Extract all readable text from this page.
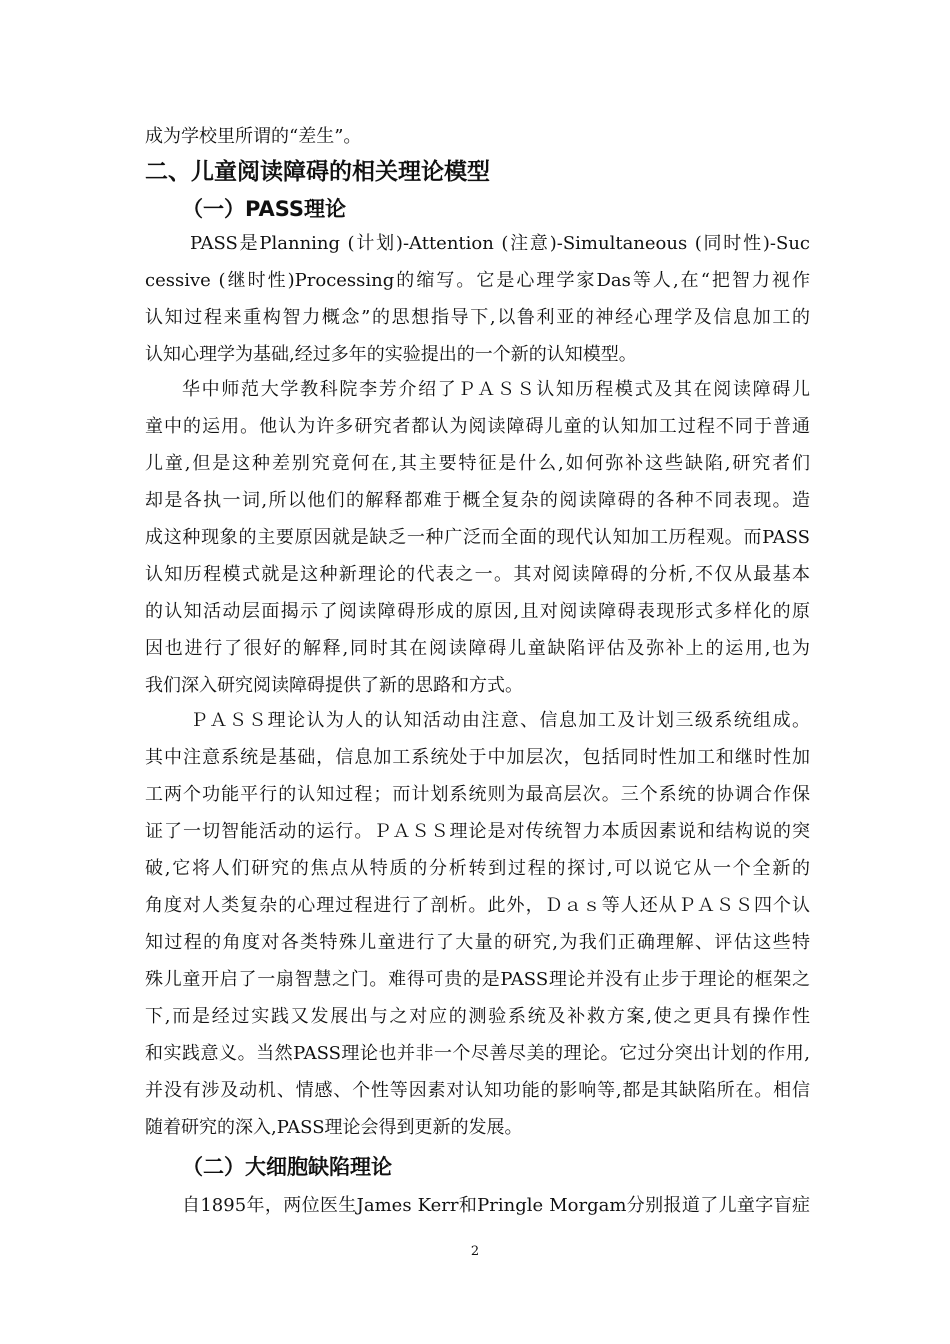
成为学校里所谓的“差生”。
二、儿童阅读障碍的相关理论模型
（一）PASS理论
PASS是Planning (计划)-Attention (注意)-Simultaneous (同时性)-Suc
cessive (继时性)Processing的缩写。它是心理学家Das等人,在“把智力视作
认知过程来重构智力概念”的思想指导下,以鲁利亚的神经心理学及信息加工的
认知心理学为基础,经过多年的实验提出的一个新的认知模型。
华中师范大学教科院李芳介绍了ＰＡＳＳ认知历程模式及其在阅读障碍儿
童中的运用。他认为许多研究者都认为阅读障碍儿童的认知加工过程不同于普通
儿童,但是这种差别究竟何在,其主要特征是什么,如何弥补这些缺陷,研究者们
却是各执一词,所以他们的解释都难于概全复杂的阅读障碍的各种不同表现。造
成这种现象的主要原因就是缺乏一种广泛而全面的现代认知加工历程观。而PASS
认知历程模式就是这种新理论的代表之一。其对阅读障碍的分析,不仅从最基本
的认知活动层面揭示了阅读障碍形成的原因,且对阅读障碍表现形式多样化的原
因也进行了很好的解释,同时其在阅读障碍儿童缺陷评估及弥补上的运用,也为
我们深入研究阅读障碍提供了新的思路和方式。
ＰＡＳＳ理论认为人的认知活动由注意、信息加工及计划三级系统组成。
其中注意系统是基础，信息加工系统处于中加层次，包括同时性加工和继时性加
工两个功能平行的认知过程；而计划系统则为最高层次。三个系统的协调合作保
证了一切智能活动的运行。ＰＡＳＳ理论是对传统智力本质因素说和结构说的突
破,它将人们研究的焦点从特质的分析转到过程的探讨,可以说它从一个全新的
角度对人类复杂的心理过程进行了剖析。此外，Ｄａｓ等人还从ＰＡＳＳ四个认
知过程的角度对各类特殊儿童进行了大量的研究,为我们正确理解、评估这些特
殊儿童开启了一扇智慧之门。难得可贵的是PASS理论并没有止步于理论的框架之
下,而是经过实践又发展出与之对应的测验系统及补救方案,使之更具有操作性
和实践意义。当然PASS理论也并非一个尽善尽美的理论。它过分突出计划的作用,
并没有涉及动机、情感、个性等因素对认知功能的影响等,都是其缺陷所在。相信
随着研究的深入,PASS理论会得到更新的发展。
（二）大细胞缺陷理论
自1895年，两位医生James Kerr和Pringle Morgam分别报道了儿童字盲症
2
